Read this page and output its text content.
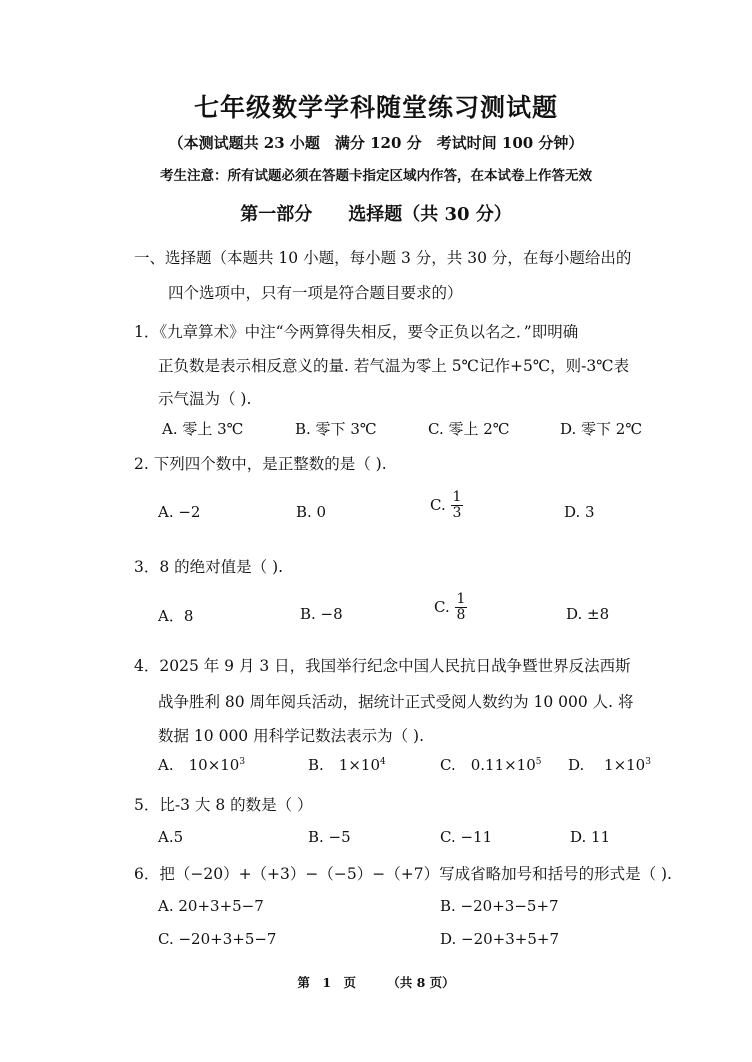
七年级数学学科随堂练习测试题
（本测试题共 23 小题　满分 120 分　考试时间 100 分钟）
考生注意：所有试题必须在答题卡指定区域内作答，在本试卷上作答无效
第一部分　　选择题（共 30 分）
一、选择题（本题共 10 小题，每小题 3 分，共 30 分，在每小题给出的
四个选项中，只有一项是符合题目要求的）
1．《九章算术》中注“今两算得失相反，要令正负以名之．”即明确
正负数是表示相反意义的量. 若气温为零上 5℃记作+5℃，则-3℃表
示气温为（ ).
A. 零上 3℃	B. 零下 3℃	C. 零上 2℃	D. 零下 2℃
2. 下列四个数中，是正整数的是（ ).
A. −2	B. 0	C. $\frac{1}{3}$	D. 3
3．8 的绝对值是（ ).
A．8	B. −8	C. $\frac{1}{8}$	D. ±8
4．2025 年 9 月 3 日，我国举行纪念中国人民抗日战争暨世界反法西斯
战争胜利 80 周年阅兵活动，据统计正式受阅人数约为 10 000 人. 将
数据 10 000 用科学记数法表示为（ ).
A.　$10\times 10^3$	B.　$1\times 10^4$	C.　$0.11\times 10^5$ D.　 $1\times 10^3$
5．比-3 大 8 的数是（ ）
A.5	B. −5	C. −11	D. 11
6．把（−20）+（+3）−（−5）−（+7）写成省略加号和括号的形式是（ ).
A. 20+3+5−7	B. −20+3−5+7
C. −20+3+5−7	D. −20+3+5+7
第　1　页　　　（共 8 页）
